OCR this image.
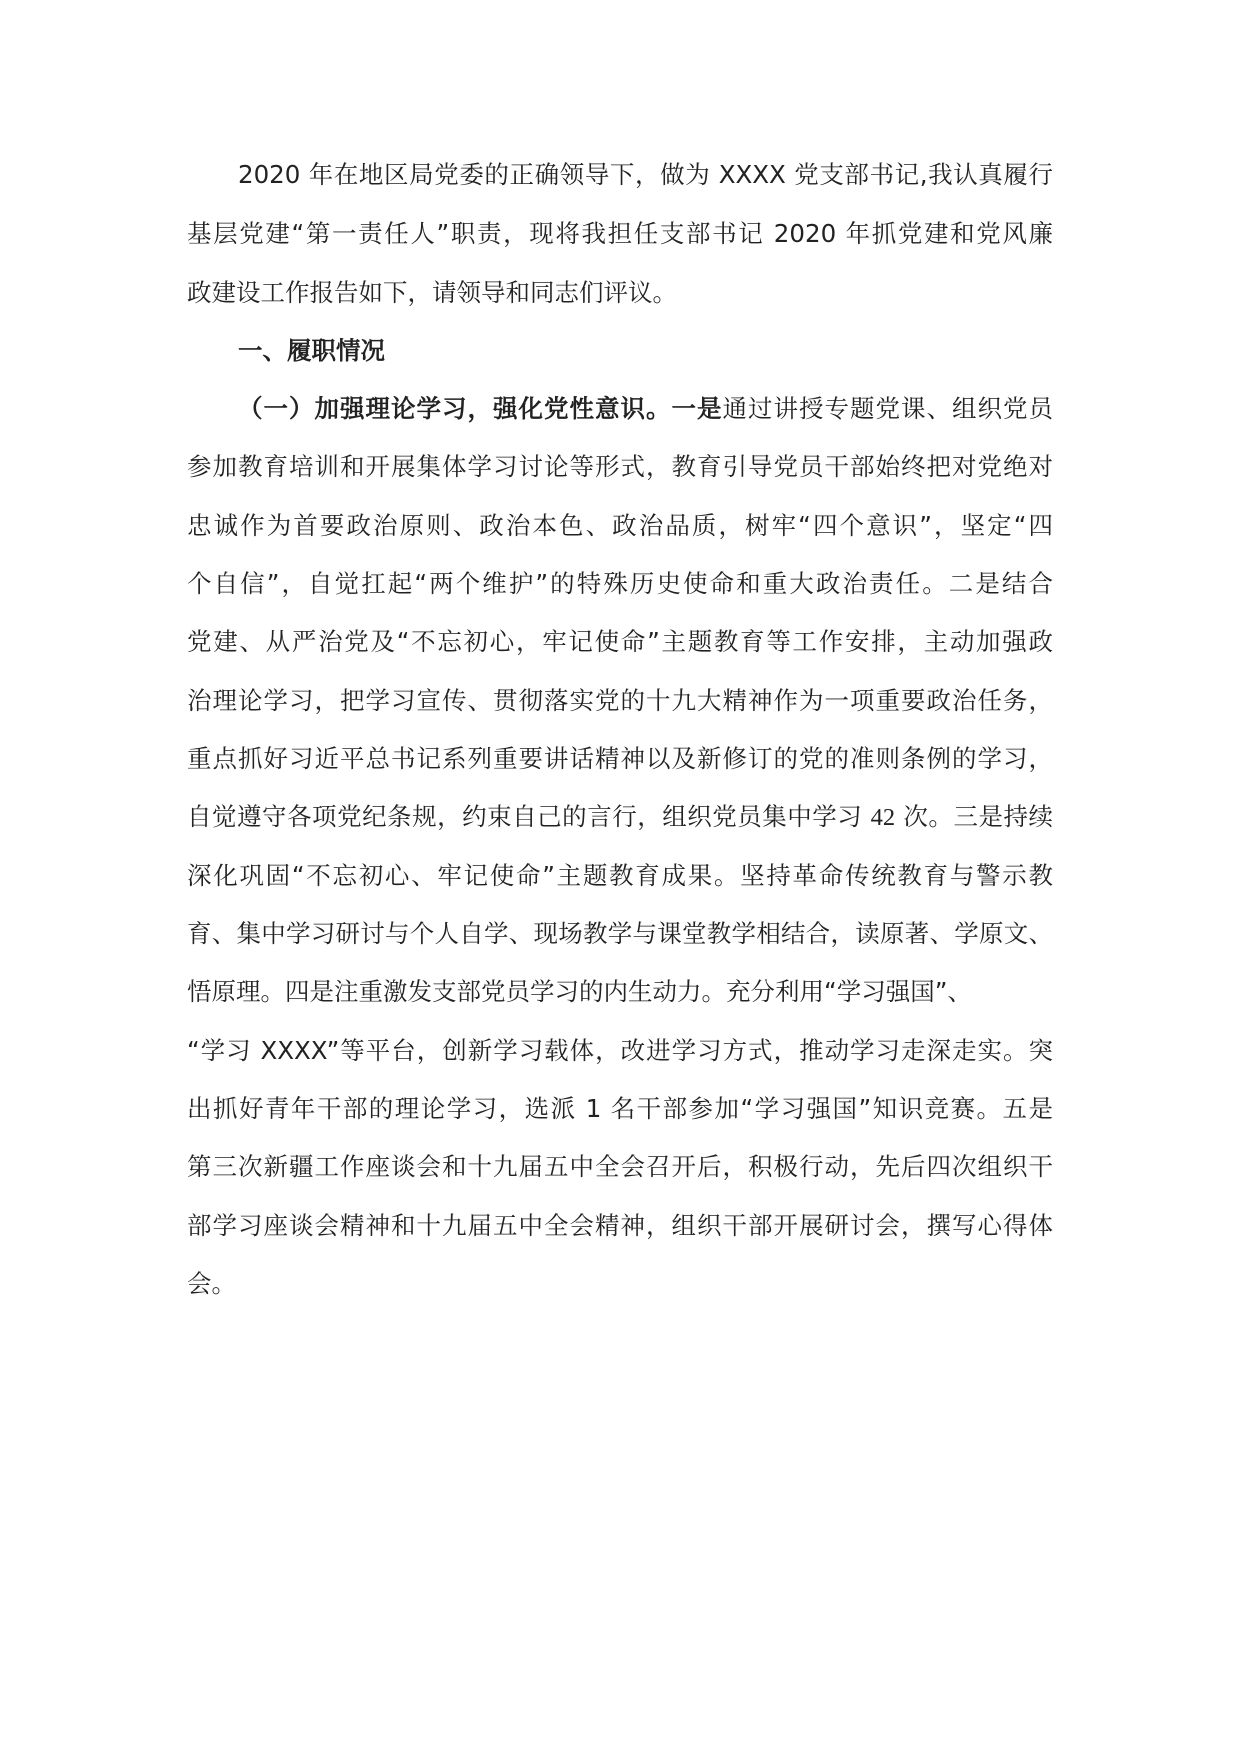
2020 年在地区局党委的正确领导下，做为 XXXX 党支部书记,我认真履行
基层党建“第一责任人”职责，现将我担任支部书记 2020 年抓党建和党风廉
政建设工作报告如下，请领导和同志们评议。
一、履职情况
（一）加强理论学习，强化党性意识。一是通过讲授专题党课、组织党员
参加教育培训和开展集体学习讨论等形式，教育引导党员干部始终把对党绝对
忠诚作为首要政治原则、政治本色、政治品质，树牢“四个意识”，坚定“四
个自信”，自觉扛起“两个维护”的特殊历史使命和重大政治责任。二是结合
党建、从严治党及“不忘初心，牢记使命”主题教育等工作安排，主动加强政
治理论学习，把学习宣传、贯彻落实党的十九大精神作为一项重要政治任务，
重点抓好习近平总书记系列重要讲话精神以及新修订的党的准则条例的学习，
自觉遵守各项党纪条规，约束自己的言行，组织党员集中学习 42 次。三是持续
深化巩固“不忘初心、牢记使命”主题教育成果。坚持革命传统教育与警示教
育、集中学习研讨与个人自学、现场教学与课堂教学相结合，读原著、学原文、
悟原理。四是注重激发支部党员学习的内生动力。充分利用“学习强国”、
“学习 XXXX”等平台，创新学习载体，改进学习方式，推动学习走深走实。突
出抓好青年干部的理论学习，选派 1 名干部参加“学习强国”知识竞赛。五是
第三次新疆工作座谈会和十九届五中全会召开后，积极行动，先后四次组织干
部学习座谈会精神和十九届五中全会精神，组织干部开展研讨会，撰写心得体
会。
